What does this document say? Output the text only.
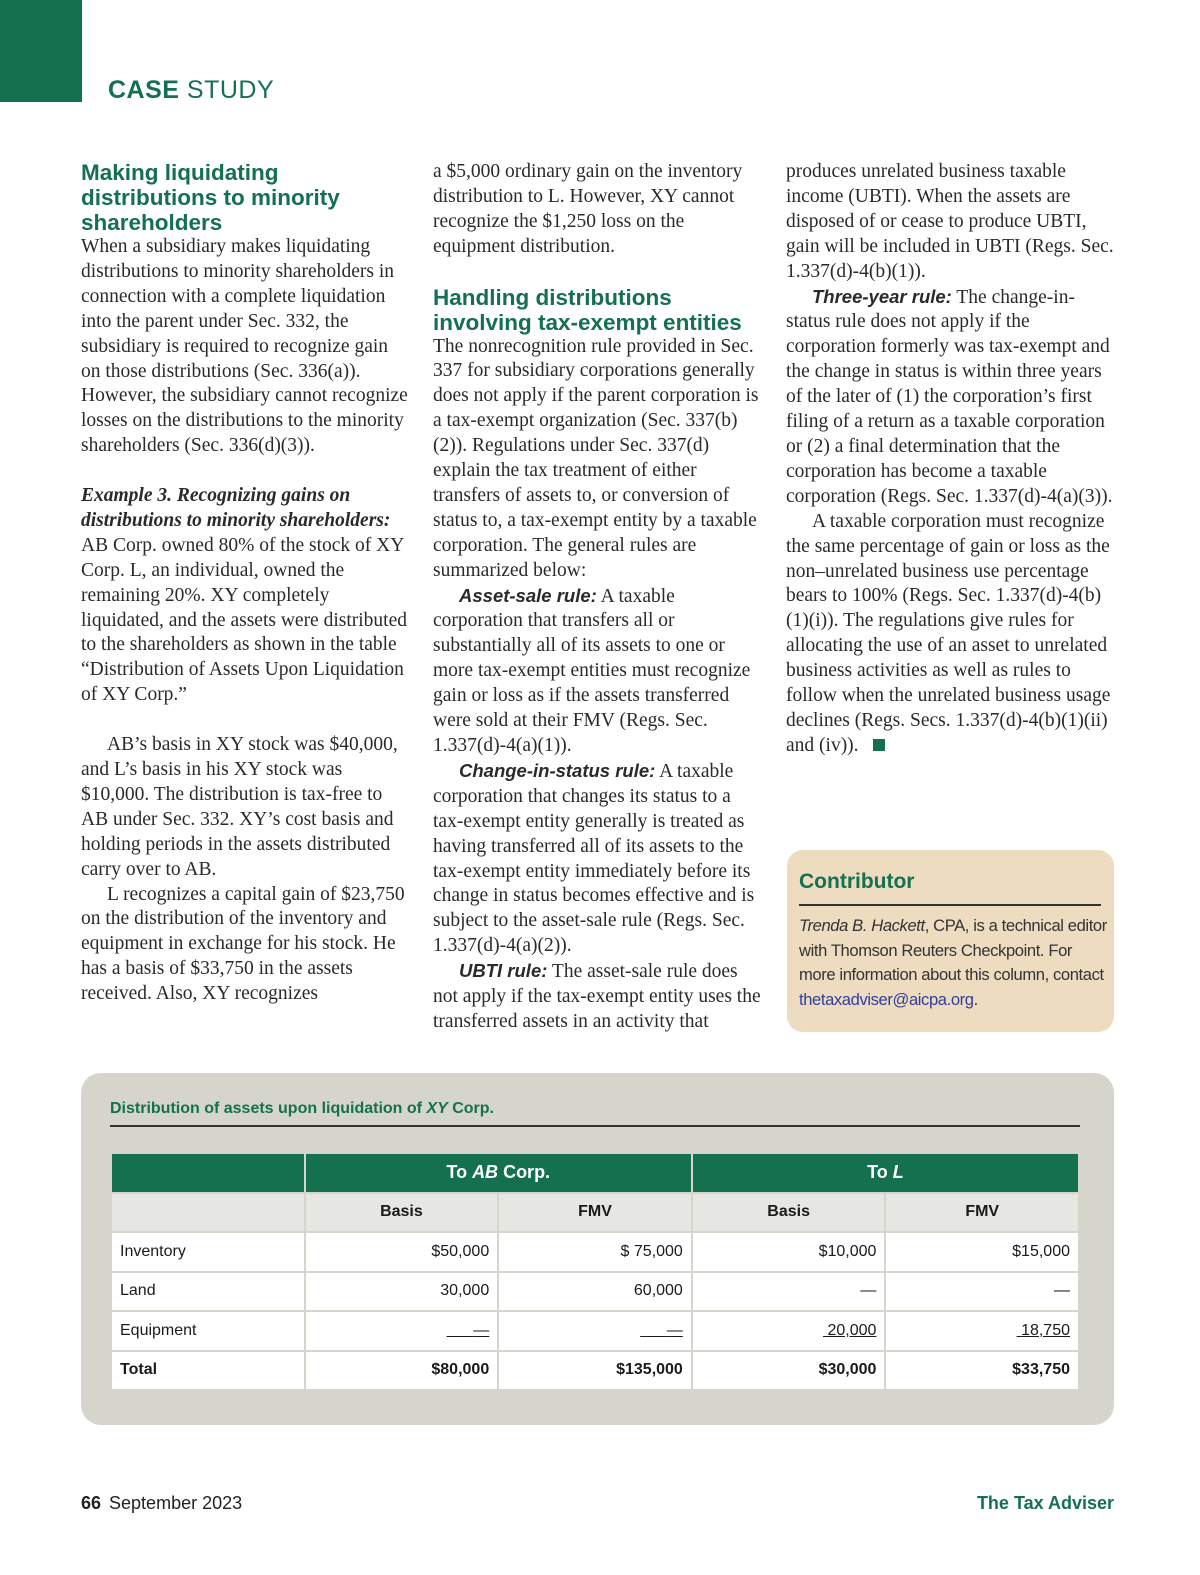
CASE STUDY
Making liquidating distributions to minority shareholders

When a subsidiary makes liquidating distributions to minority shareholders in connection with a complete liquidation into the parent under Sec. 332, the subsidiary is required to recognize gain on those distributions (Sec. 336(a)). However, the subsidiary cannot recognize losses on the distributions to the minority shareholders (Sec. 336(d)(3)).

Example 3. Recognizing gains on distributions to minority shareholders: AB Corp. owned 80% of the stock of XY Corp. L, an individual, owned the remaining 20%. XY completely liquidated, and the assets were distributed to the shareholders as shown in the table “Distribution of Assets Upon Liquidation of XY Corp.”

AB’s basis in XY stock was $40,000, and L’s basis in his XY stock was $10,000. The distribution is tax-free to AB under Sec. 332. XY’s cost basis and holding periods in the assets distributed carry over to AB.

L recognizes a capital gain of $23,750 on the distribution of the inventory and equipment in exchange for his stock. He has a basis of $33,750 in the assets received. Also, XY recognizes

a $5,000 ordinary gain on the inventory distribution to L. However, XY cannot recognize the $1,250 loss on the equipment distribution.

Handling distributions involving tax-exempt entities

The nonrecognition rule provided in Sec. 337 for subsidiary corporations generally does not apply if the parent corporation is a tax-exempt organization (Sec. 337(b)(2)). Regulations under Sec. 337(d) explain the tax treatment of either transfers of assets to, or conversion of status to, a tax-exempt entity by a taxable corporation. The general rules are summarized below:

Asset-sale rule: A taxable corporation that transfers all or substantially all of its assets to one or more tax-exempt entities must recognize gain or loss as if the assets transferred were sold at their FMV (Regs. Sec. 1.337(d)-4(a)(1)).

Change-in-status rule: A taxable corporation that changes its status to a tax-exempt entity generally is treated as having transferred all of its assets to the tax-exempt entity immediately before its change in status becomes effective and is subject to the asset-sale rule (Regs. Sec. 1.337(d)-4(a)(2)).

UBTI rule: The asset-sale rule does not apply if the tax-exempt entity uses the transferred assets in an activity that

produces unrelated business taxable income (UBTI). When the assets are disposed of or cease to produce UBTI, gain will be included in UBTI (Regs. Sec. 1.337(d)-4(b)(1)).

Three-year rule: The change-in-status rule does not apply if the corporation formerly was tax-exempt and the change in status is within three years of the later of (1) the corporation’s first filing of a return as a taxable corporation or (2) a final determination that the corporation has become a taxable corporation (Regs. Sec. 1.337(d)-4(a)(3)).

A taxable corporation must recognize the same percentage of gain or loss as the non–unrelated business use percentage bears to 100% (Regs. Sec. 1.337(d)-4(b)(1)(i)). The regulations give rules for allocating the use of an asset to unrelated business activities as well as rules to follow when the unrelated business usage declines (Regs. Secs. 1.337(d)-4(b)(1)(ii) and (iv)).

Contributor
Trenda B. Hackett, CPA, is a technical editor with Thomson Reuters Checkpoint. For more information about this column, contact thetaxadviser@aicpa.org.
Distribution of assets upon liquidation of XY Corp.
	To AB Corp.		To L	
	Basis	FMV	Basis	FMV
Inventory	$50,000	$ 75,000	$10,000	$15,000
Land	30,000	60,000	—	—
Equipment	—	—	20,000	18,750
Total	$80,000	$135,000	$30,000	$33,750
66 September 2023	The Tax Adviser
